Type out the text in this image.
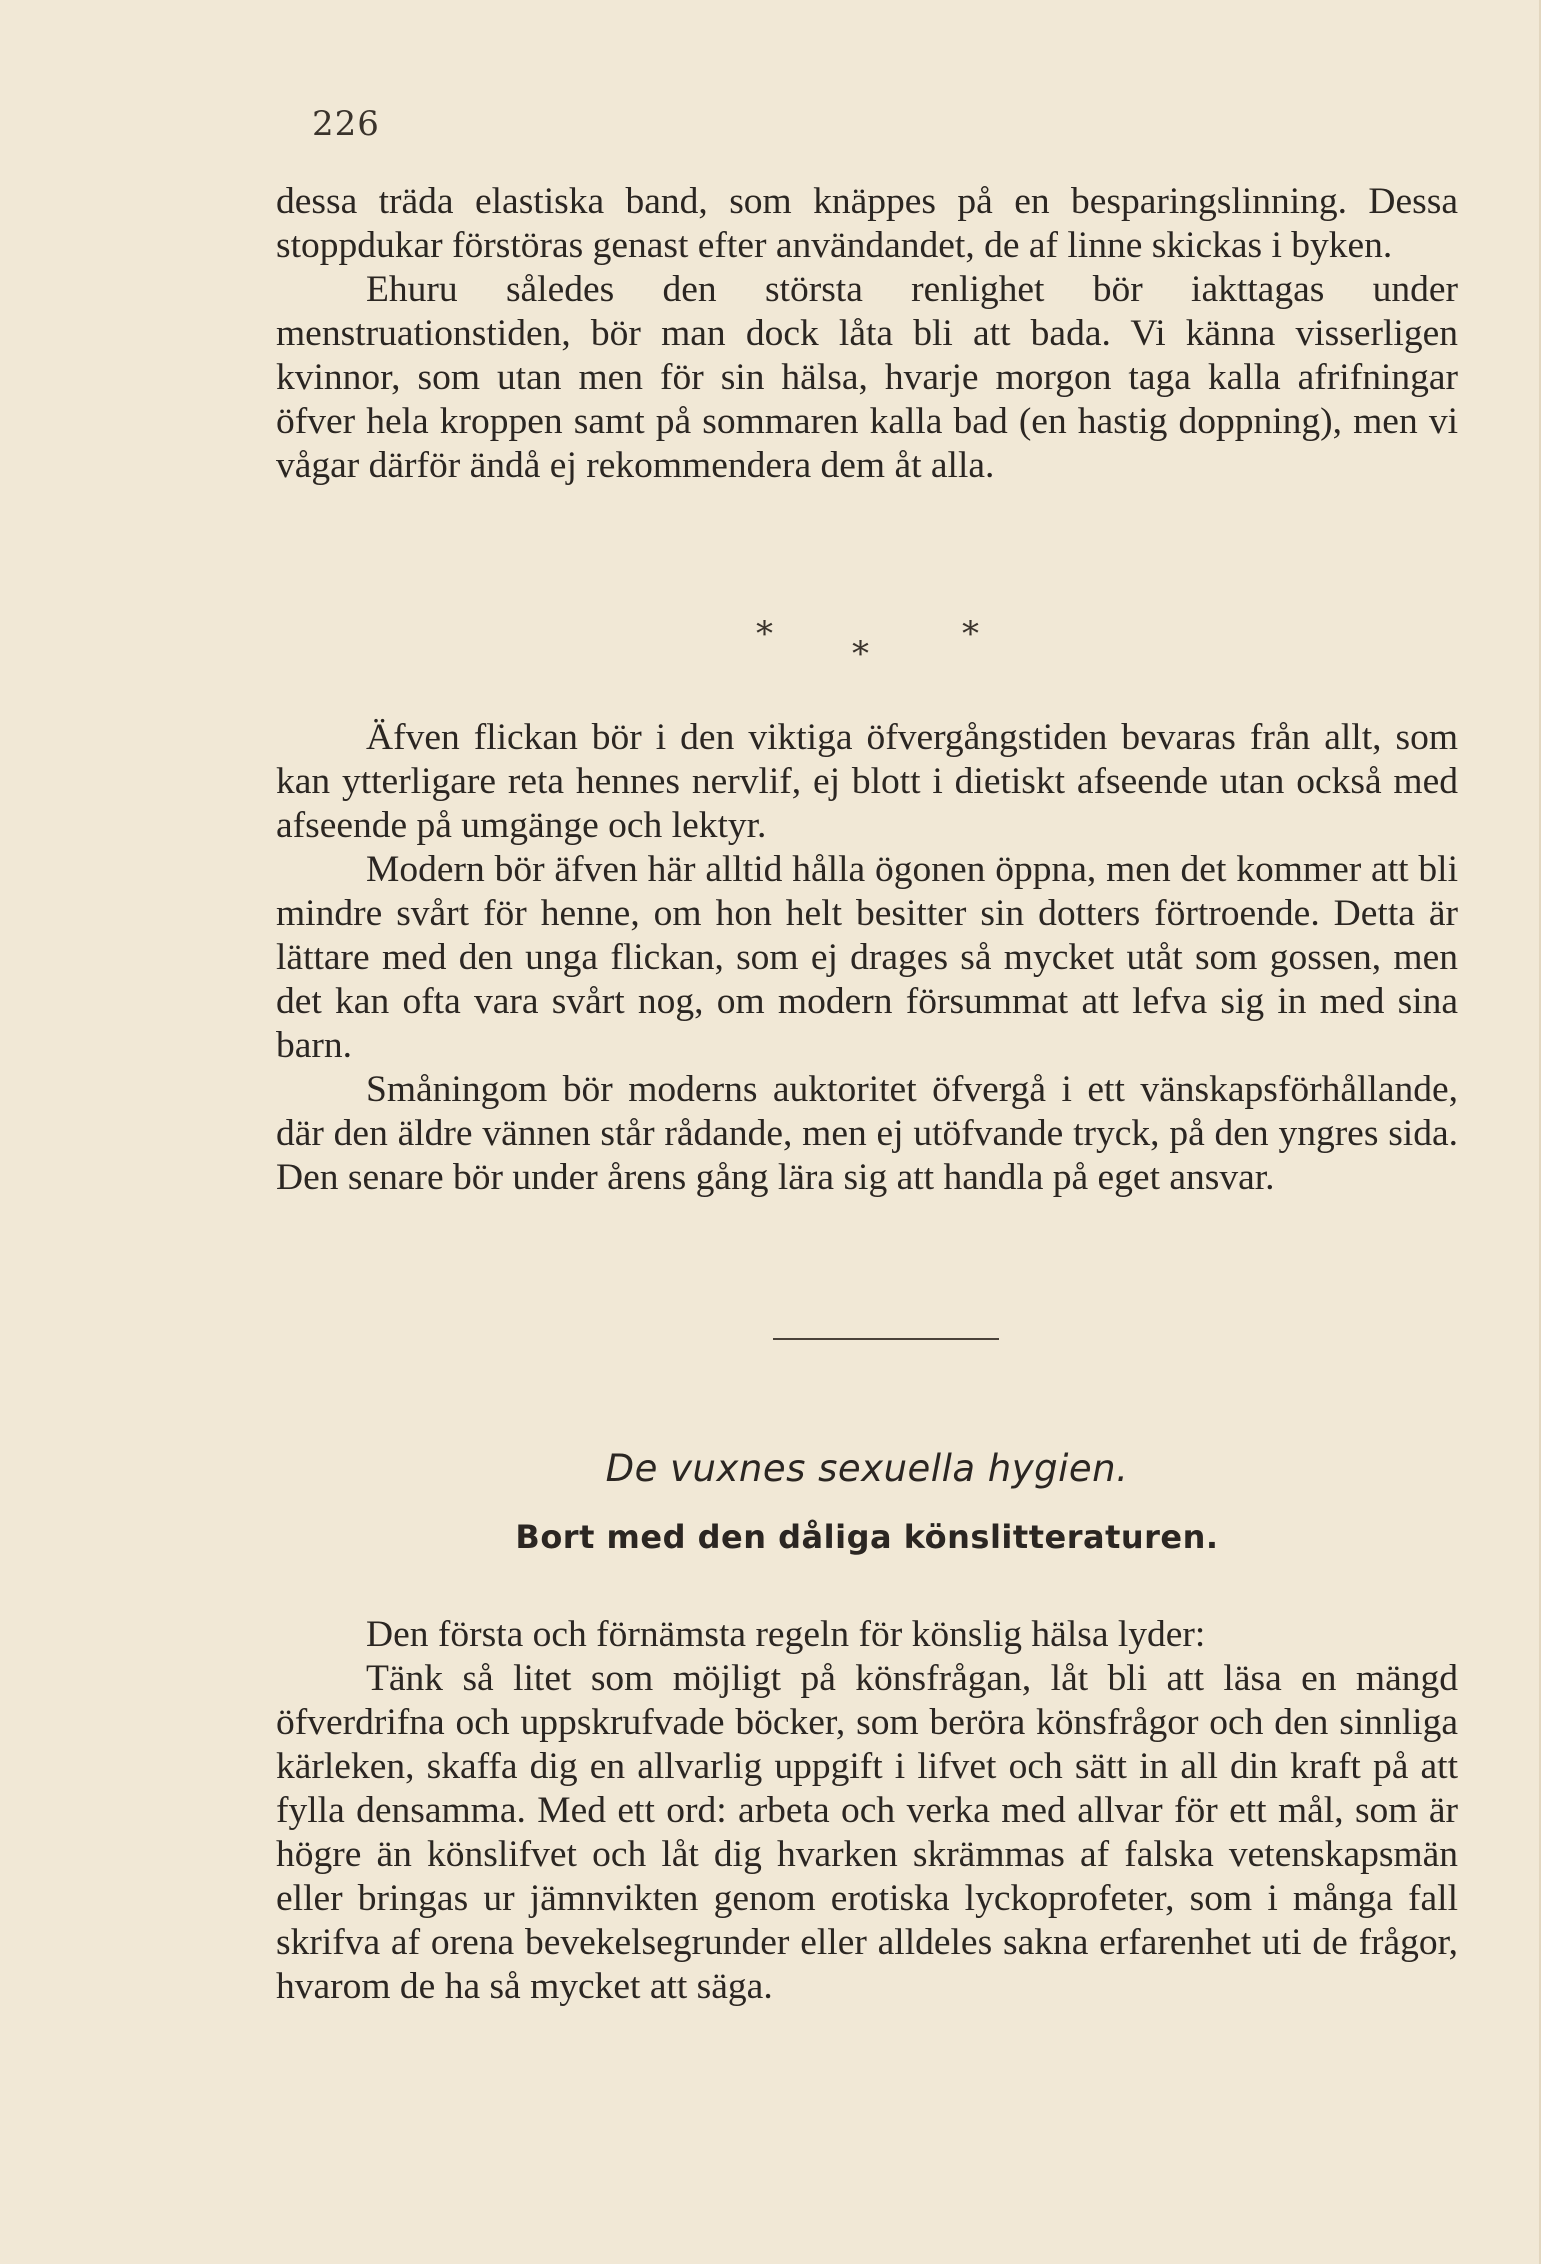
226

dessa träda elastiska band, som knäppes på en besparingslinning. Dessa stoppdukar förstöras genast efter användandet, de af linne skickas i byken.

Ehuru således den största renlighet bör iakttagas under menstruationstiden, bör man dock låta bli att bada. Vi känna visserligen kvinnor, som utan men för sin hälsa, hvarje morgon taga kalla afrifningar öfver hela kroppen samt på sommaren kalla bad (en hastig doppning), men vi vågar därför ändå ej rekommendera dem åt alla.

* *	*

Äfven flickan bör i den viktiga öfvergångstiden bevaras från allt, som kan ytterligare reta hennes nervlif, ej blott i dietiskt afseende utan också med afseende på umgänge och lektyr.

Modern bör äfven här alltid hålla ögonen öppna, men det kommer att bli mindre svårt för henne, om hon helt besitter sin dotters förtroende. Detta är lättare med den unga flickan, som ej drages så mycket utåt som gossen, men det kan ofta vara svårt nog, om modern försummat att lefva sig in med sina barn.

Småningom bör moderns auktoritet öfvergå i ett vänskapsförhållande, där den äldre vännen står rådande, men ej utöfvande tryck, på den yngres sida. Den senare bör under årens gång lära sig att handla på eget ansvar.

De vuxnes sexuella hygien.
Bort med den dåliga könslitteraturen.

Den första och förnämsta regeln för könslig hälsa lyder:

Tänk så litet som möjligt på könsfrågan, låt bli att läsa en mängd öfverdrifna och uppskrufvade böcker, som beröra könsfrågor och den sinnliga kärleken, skaffa dig en allvarlig uppgift i lifvet och sätt in all din kraft på att fylla densamma. Med ett ord: arbeta och verka med allvar för ett mål, som är högre än könslifvet och låt dig hvarken skrämmas af falska vetenskapsmän eller bringas ur jämnvikten genom erotiska lyckoprofeter, som i många fall skrifva af orena bevekelsegrunder eller alldeles sakna erfarenhet uti de frågor, hvarom de ha så mycket att säga.
